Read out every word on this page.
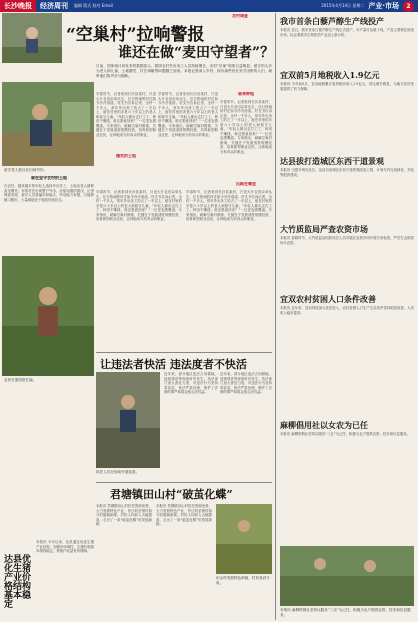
长沙晚报	经济周刊 编辑 版式 校对 Email	2015年4月14日 星期二 产业·市场	2
农村调查
“空巢村”拉响警报
谁还在做“麦田守望者”？
日前，国家统计局发布的数据显示，我国农村外出务工人员持续增长，农村“空巢”现象日益明显。留守的大多为老人和儿童，土地撂荒、村庄凋敝等问题随之而来。本报记者深入乡村，探访那些仍在坚守田野的人们，倾听他们的声音与期盼。
留守老人独自在田间劳作。
早春时节，记者来到长沙县某村，只见大片农田杂草丛生，往日热闹的村庄如今冷冷清清。村支书告诉记者，全村一千多人，常年外出务工的占了一半以上，留在村里的多是六十岁以上的老人和留守儿童。“年轻人都出去打工了，种田不赚钱，谁还愿意回来？”一位老农感慨道。专家指出，破解空巢村困境，关键在于发展适度规模经营，培育新型职业农民，让种地成为有奔头的职业。
撂荒的土地
早春时节，记者来到长沙县某村，只见大片农田杂草丛生，往日热闹的村庄如今冷冷清清。村支书告诉记者，全村一千多人，常年外出务工的占了一半以上，留在村里的多是六十岁以上的老人和留守儿童。“年轻人都出去打工了，种田不赚钱，谁还愿意回来？”一位老农感慨道。专家指出，破解空巢村困境，关键在于发展适度规模经营，培育新型职业农民，让种地成为有奔头的职业。
谁来种地
早春时节，记者来到长沙县某村，只见大片农田杂草丛生，往日热闹的村庄如今冷冷清清。村支书告诉记者，全村一千多人，常年外出务工的占了一半以上，留在村里的多是六十岁以上的老人和留守儿童。“年轻人都出去打工了，种田不赚钱，谁还愿意回来？”一位老农感慨道。专家指出，破解空巢村困境，关键在于发展适度规模经营，培育新型职业农民，让种地成为有奔头的职业。
出路在哪里
谁在坚守农村的土地
在农村，越来越多的年轻人选择外出务工，土地由老人耕种甚至撂荒。有的村庄出现整户外出、房屋闲置的情况。记者调查发现，留守人员普遍年龄偏大，劳动能力有限，只能种植口粮田，大量耕地处于粗放经营状态。
农民在果园里忙碌。
达县优化生猪产业价格结构基本稳定
本报讯 今年以来，达县通过优化生猪产业结构，加强市场调控，生猪价格基本保持稳定，养殖户收益有所保障。
早春时节，记者来到长沙县某村，只见大片农田杂草丛生，往日热闹的村庄如今冷冷清清。村支书告诉记者，全村一千多人，常年外出务工的占了一半以上，留在村里的多是六十岁以上的老人和留守儿童。“年轻人都出去打工了，种田不赚钱，谁还愿意回来？”一位老农感慨道。专家指出，破解空巢村困境，关键在于发展适度规模经营，培育新型职业农民，让种地成为有奔头的职业。
早春时节，记者来到长沙县某村，只见大片农田杂草丛生，往日热闹的村庄如今冷冷清清。村支书告诉记者，全村一千多人，常年外出务工的占了一半以上，留在村里的多是六十岁以上的老人和留守儿童。“年轻人都出去打工了，种田不赚钱，谁还愿意回来？”一位老农感慨道。专家指出，破解空巢村困境，关键在于发展适度规模经营，培育新型职业农民，让种地成为有奔头的职业。
让违法者快活 违法度者不快活
执法人员在现场开展检查。
近年来，部分地区违法占用耕地、违规建设等现象时有发生。执法部门加大查处力度，对违法行为坚持零容忍，依法严肃处理，维护了法律的尊严和群众的合法权益。
近年来，部分地区违法占用耕地、违规建设等现象时有发生。执法部门加大查处力度，对违法行为坚持零容忍，依法严肃处理，维护了法律的尊严和群众的合法权益。
君塘镇田山村“破茧化蝶”
本报讯 君塘镇田山村依托资源优势，大力发展特色产业，昔日的贫困村如今旧貌换新颜，村民人均收入大幅提高，走出了一条“破茧化蝶”的发展新路。
本报讯 君塘镇田山村依托资源优势，大力发展特色产业，昔日的贫困村如今旧貌换新颜，村民人均收入大幅提高，走出了一条“破茧化蝶”的发展新路。
田山村发展特色种植，村民喜获丰收。
我市首条白藜芦醇生产线投产
本报讯 近日，我市首条白藜芦醇生产线正式投产，年产量可达数十吨，产品主要销往欧美市场，标志着我市生物医药产业迈上新台阶。
宜双前5月地税收入1.9亿元
本报讯 今年前5月，宜双地税累计组织税收收入1.9亿元，同比增长明显，为地方经济发展提供了有力保障。
达县拔打造城区东西干道景观
本报讯 为提升城市品位，达县启动城区东西干道景观改造工程，计划年内完成绿化、亮化等配套建设。
大竹质监局严查农资市场
本报讯 春耕时节，大竹质监局组织执法人员对辖区农资市场开展专项检查，严厉打击假冒伪劣农资。
宜双农村贫困人口条件改善
本报讯 近年来，宜双持续加大扶贫投入，农村贫困人口生产生活条件得到明显改善，人均收入稳步提高。
麻柳倡用社以女农为已任
本报讯 麻柳供销社坚持以服务“三农”为己任，积极为农户提供农资、技术和信息服务。
本报讯 麻柳供销社坚持以服务“三农”为己任，积极为农户提供农资、技术和信息服务。
